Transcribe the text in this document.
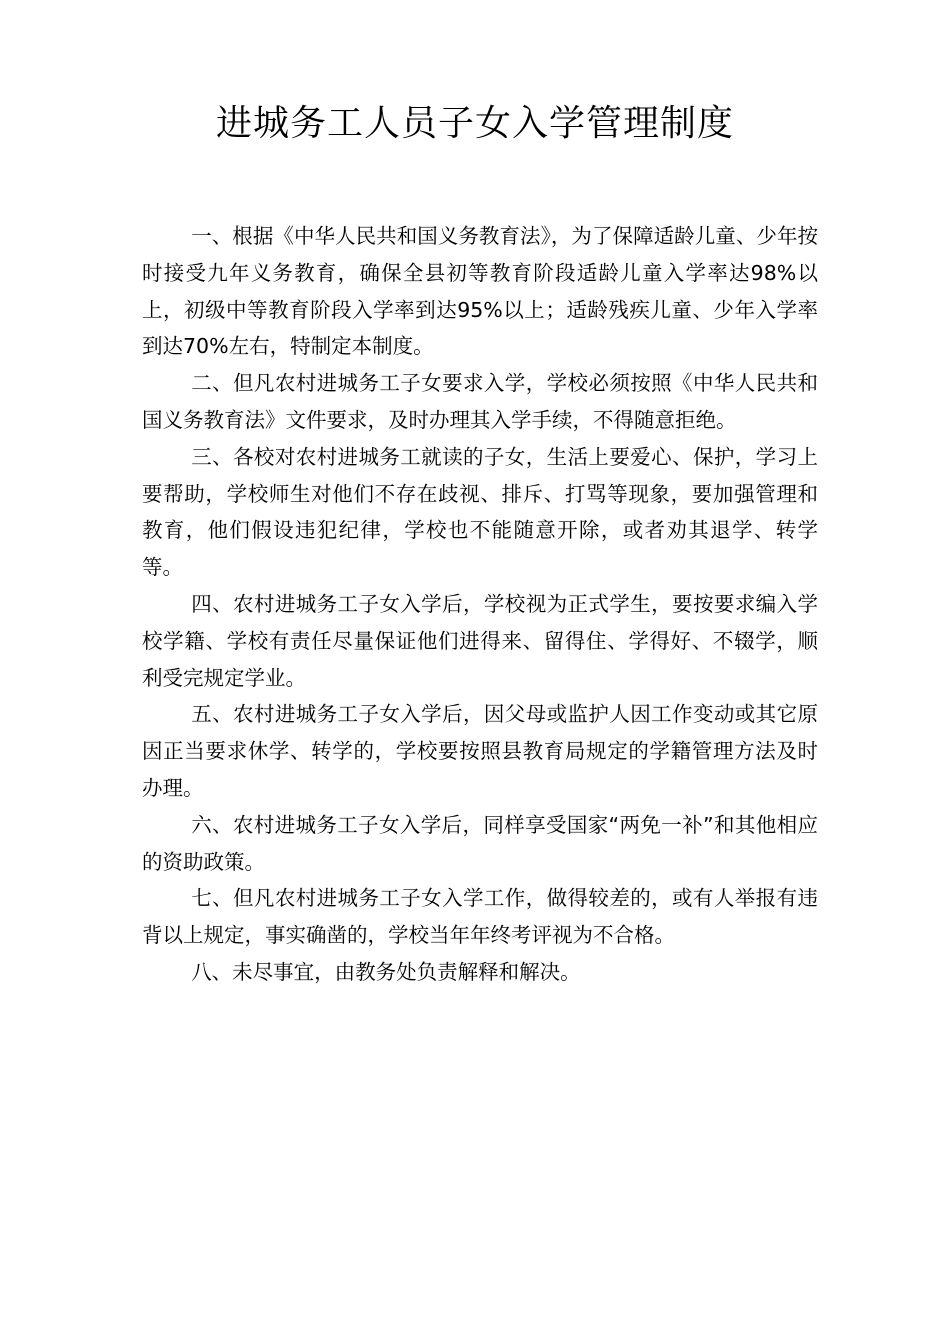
进城务工人员子女入学管理制度

一、根据《中华人民共和国义务教育法》，为了保障适龄儿童、少年按时接受九年义务教育，确保全县初等教育阶段适龄儿童入学率达98%以上，初级中等教育阶段入学率到达95%以上；适龄残疾儿童、少年入学率到达70%左右，特制定本制度。

二、但凡农村进城务工子女要求入学，学校必须按照《中华人民共和国义务教育法》文件要求，及时办理其入学手续，不得随意拒绝。

三、各校对农村进城务工就读的子女，生活上要爱心、保护，学习上要帮助，学校师生对他们不存在歧视、排斥、打骂等现象，要加强管理和教育，他们假设违犯纪律，学校也不能随意开除，或者劝其退学、转学等。

四、农村进城务工子女入学后，学校视为正式学生，要按要求编入学校学籍、学校有责任尽量保证他们进得来、留得住、学得好、不辍学，顺利受完规定学业。

五、农村进城务工子女入学后，因父母或监护人因工作变动或其它原因正当要求休学、转学的，学校要按照县教育局规定的学籍管理方法及时办理。

六、农村进城务工子女入学后，同样享受国家“两免一补”和其他相应的资助政策。

七、但凡农村进城务工子女入学工作，做得较差的，或有人举报有违背以上规定，事实确凿的，学校当年年终考评视为不合格。

八、未尽事宜，由教务处负责解释和解决。
